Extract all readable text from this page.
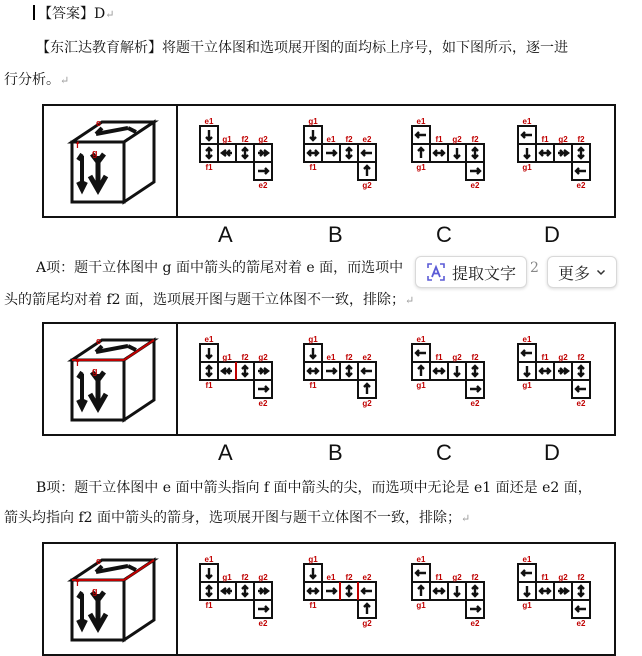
【答案】D↵
【东汇达教育解析】将题干立体图和选项展开图的面均标上序号，如下图所示，逐一进
行分析。↵
e
f
g
e1
g1 f2 g2
f1
e2
g1
e1 f2 e2
f1
g2
e1
f1 g2 f2
g1
e2
e1
f1 g2 f2
g1
e2
A	B	C	D
A项：题干立体图中 g 面中箭头的箭尾对着 e 面，而选项中	2
提取文字	更多
头的箭尾均对着 f2 面，选项展开图与题干立体图不一致，排除；↵
e
f
g
e1
g1 f2 g2
f1
e2
g1
e1 f2 e2
f1
g2
e1
f1 g2 f2
g1
e2
e1
f1 g2 f2
g1
e2
A	B	C	D
B项：题干立体图中 e 面中箭头指向 f 面中箭头的尖，而选项中无论是 e1 面还是 e2 面，
箭头均指向 f2 面中箭头的箭身，选项展开图与题干立体图不一致，排除；↵
e
f
g
e1
g1 f2 g2
f1
e2
g1
e1 f2 e2
f1
g2
e1
f1 g2 f2
g1
e2
e1
f1 g2 f2
g1
e2
